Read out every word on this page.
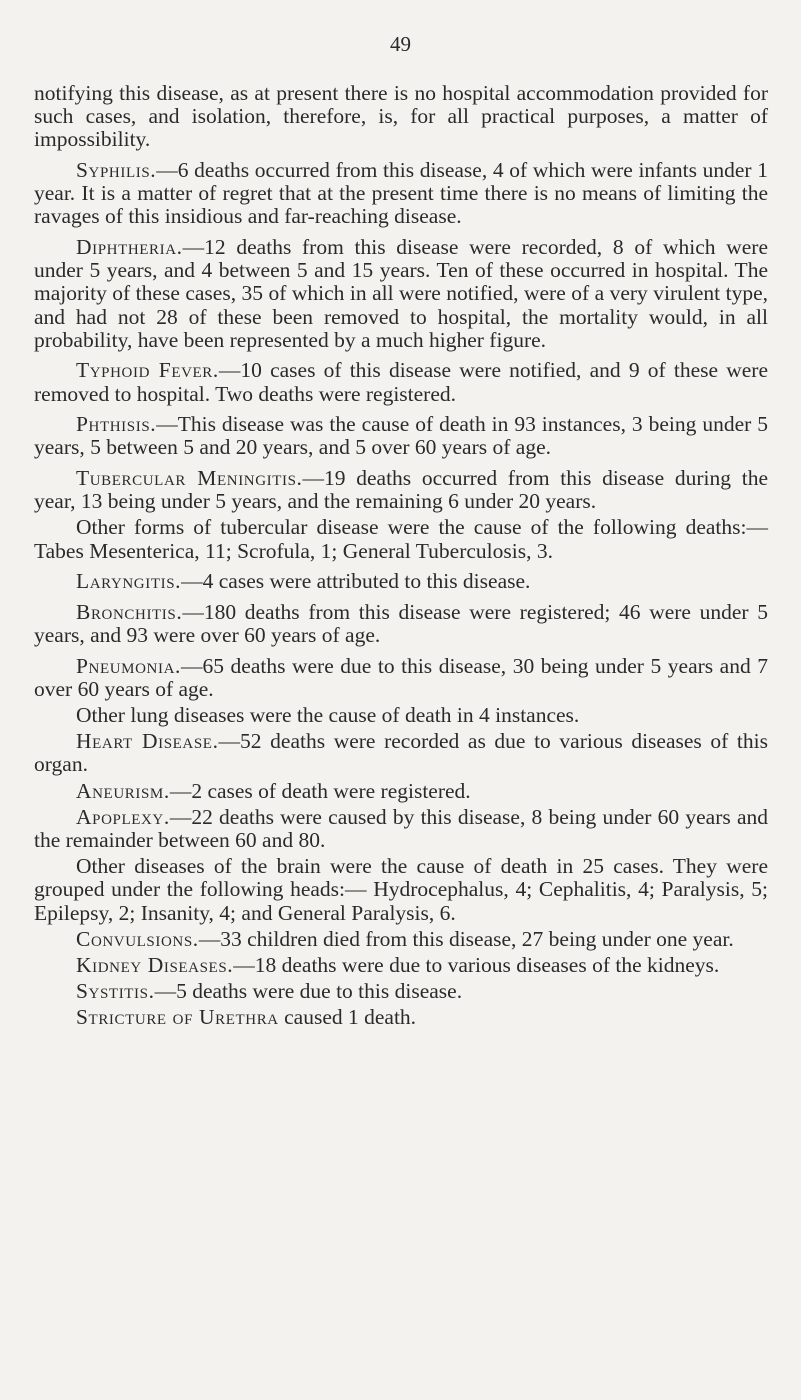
49

notifying this disease, as at present there is no hospital accommodation provided for such cases, and isolation, therefore, is, for all practical purposes, a matter of impossibility.

Syphilis.—6 deaths occurred from this disease, 4 of which were infants under 1 year. It is a matter of regret that at the present time there is no means of limiting the ravages of this insidious and far-reaching disease.

Diphtheria.—12 deaths from this disease were recorded, 8 of which were under 5 years, and 4 between 5 and 15 years. Ten of these occurred in hospital. The majority of these cases, 35 of which in all were notified, were of a very virulent type, and had not 28 of these been removed to hospital, the mortality would, in all probability, have been represented by a much higher figure.

Typhoid Fever.—10 cases of this disease were notified, and 9 of these were removed to hospital. Two deaths were registered.

Phthisis.—This disease was the cause of death in 93 instances, 3 being under 5 years, 5 between 5 and 20 years, and 5 over 60 years of age.

Tubercular Meningitis.—19 deaths occurred from this disease during the year, 13 being under 5 years, and the remaining 6 under 20 years.

Other forms of tubercular disease were the cause of the following deaths:—Tabes Mesenterica, 11; Scrofula, 1; General Tuberculosis, 3.

Laryngitis.—4 cases were attributed to this disease.

Bronchitis.—180 deaths from this disease were registered; 46 were under 5 years, and 93 were over 60 years of age.

Pneumonia.—65 deaths were due to this disease, 30 being under 5 years and 7 over 60 years of age.

Other lung diseases were the cause of death in 4 instances.

Heart Disease.—52 deaths were recorded as due to various diseases of this organ.

Aneurism.—2 cases of death were registered.

Apoplexy.—22 deaths were caused by this disease, 8 being under 60 years and the remainder between 60 and 80.

Other diseases of the brain were the cause of death in 25 cases. They were grouped under the following heads:— Hydrocephalus, 4; Cephalitis, 4; Paralysis, 5; Epilepsy, 2; Insanity, 4; and General Paralysis, 6.

Convulsions.—33 children died from this disease, 27 being under one year.

Kidney Diseases.—18 deaths were due to various diseases of the kidneys.

Systitis.—5 deaths were due to this disease.

Stricture of Urethra caused 1 death.
